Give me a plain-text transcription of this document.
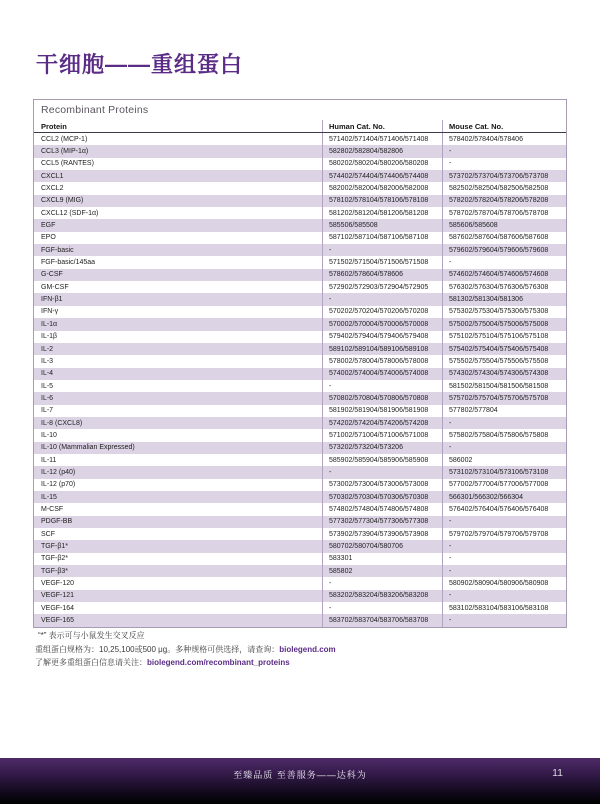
干细胞——重组蛋白
Recombinant Proteins
Protein	Human Cat. No.	Mouse Cat. No.
CCL2 (MCP-1)	571402/571404/571406/571408	578402/578404/578406
CCL3 (MIP-1α)	582802/582804/582806	-
CCL5 (RANTES)	580202/580204/580206/580208	-
CXCL1	574402/574404/574406/574408	573702/573704/573706/573708
CXCL2	582002/582004/582006/582008	582502/582504/582506/582508
CXCL9 (MIG)	578102/578104/578106/578108	578202/578204/578206/578208
CXCL12 (SDF-1α)	581202/581204/581206/581208	578702/578704/578706/578708
EGF	585506/585508	585606/585608
EPO	587102/587104/587106/587108	587602/587604/587606/587608
FGF-basic	-	579602/579604/579606/579608
FGF-basic/145aa	571502/571504/571506/571508	-
G-CSF	578602/578604/578606	574602/574604/574606/574608
GM-CSF	572902/572903/572904/572905	576302/576304/576306/576308
IFN-β1	-	581302/581304/581306
IFN-γ	570202/570204/570206/570208	575302/575304/575306/575308
IL-1α	570002/570004/570006/570008	575002/575004/575006/575008
IL-1β	579402/579404/579406/579408	575102/575104/575106/575108
IL-2	589102/589104/589106/589108	575402/575404/575406/575408
IL-3	578002/578004/578006/578008	575502/575504/575506/575508
IL-4	574002/574004/574006/574008	574302/574304/574306/574308
IL-5	-	581502/581504/581506/581508
IL-6	570802/570804/570806/570808	575702/575704/575706/575708
IL-7	581902/581904/581906/581908	577802/577804
IL-8 (CXCL8)	574202/574204/574206/574208	-
IL-10	571002/571004/571006/571008	575802/575804/575806/575808
IL-10 (Mammalian Expressed)	573202/573204/573206	-
IL-11	585902/585904/585906/585908	586002
IL-12 (p40)	-	573102/573104/573106/573108
IL-12 (p70)	573002/573004/573006/573008	577002/577004/577006/577008
IL-15	570302/570304/570306/570308	566301/566302/566304
M-CSF	574802/574804/574806/574808	576402/576404/576406/576408
PDGF-BB	577302/577304/577306/577308	-
SCF	573902/573904/573906/573908	579702/579704/579706/579708
TGF-β1*	580702/580704/580706	-
TGF-β2*	583301	-
TGF-β3*	585802	-
VEGF-120	-	580902/580904/580906/580908
VEGF-121	583202/583204/583206/583208	-
VEGF-164	-	583102/583104/583106/583108
VEGF-165	583702/583704/583706/583708	-
“*” 表示可与小鼠发生交叉反应
重组蛋白规格为：10,25,100或500 μg。多种规格可供选择，请查询：biolegend.com
了解更多重组蛋白信息请关注：biolegend.com/recombinant_proteins
至臻品质 至善服务——达科为	11
